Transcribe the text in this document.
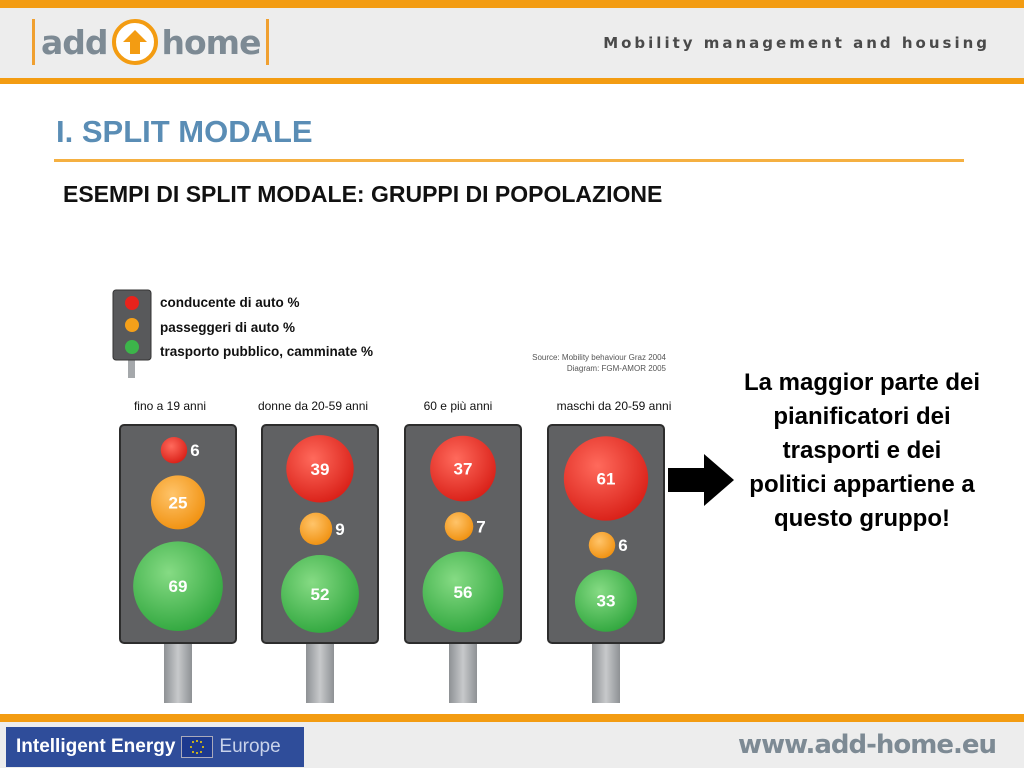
add home	Mobility management and housing
I. SPLIT MODALE
ESEMPI DI SPLIT MODALE: GRUPPI DI POPOLAZIONE
conducente di auto %
passeggeri di auto %
trasporto pubblico, camminate %	Source: Mobility behaviour Graz 2004
Diagram: FGM-AMOR 2005
fino a 19 anni	donne da 20-59 anni	60 e più anni	maschi da 20-59 anni
6
25
69
39
9
52
37
7
56
61
6
33
La maggior parte dei pianificatori dei trasporti e dei politici appartiene a questo gruppo!
Intelligent Energy Europe	www.add-home.eu
